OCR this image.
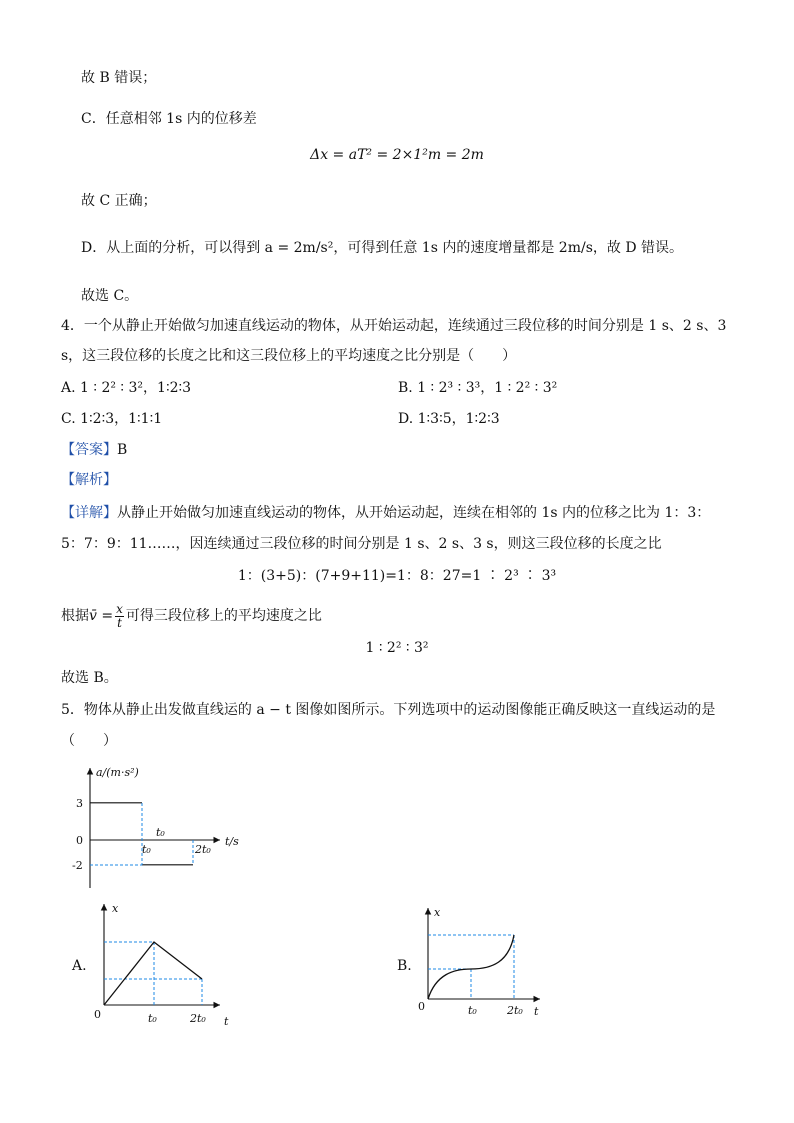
故 B 错误；
C．任意相邻 1s 内的位移差
Δx = aT² = 2×1²m = 2m
故 C 正确；
D．从上面的分析，可以得到 a = 2m/s²，可得到任意 1s 内的速度增量都是 2m/s，故 D 错误。
故选 C。
4．一个从静止开始做匀加速直线运动的物体，从开始运动起，连续通过三段位移的时间分别是 1 s、2 s、3
s，这三段位移的长度之比和这三段位移上的平均速度之比分别是（　　）
A. 1 ∶ 2² ∶ 3²，1∶2∶3	B. 1 ∶ 2³ ∶ 3³，1 ∶ 2² ∶ 3²
C. 1∶2∶3，1∶1∶1	D. 1∶3∶5，1∶2∶3
【答案】B
【解析】
【详解】从静止开始做匀加速直线运动的物体，从开始运动起，连续在相邻的 1s 内的位移之比为 1：3：
5：7：9：11……，因连续通过三段位移的时间分别是 1 s、2 s、3 s，则这三段位移的长度之比
1：(3+5)：(7+9+11)=1：8：27=1 ∶ 2³ ∶ 3³
根据v̄ = $\frac{x}{t}$ 可得三段位移上的平均速度之比
1 ∶ 2² ∶ 3²
故选 B。
5．物体从静止出发做直线运的 a − t 图像如图所示。下列选项中的运动图像能正确反映这一直线运动的是
（　　）
a/(m·s²)
t/s
3
0
-2
t₀
t₀	2t₀
A.
x
t
0	t₀	2t₀
B.
x
t
0	t₀	2t₀
